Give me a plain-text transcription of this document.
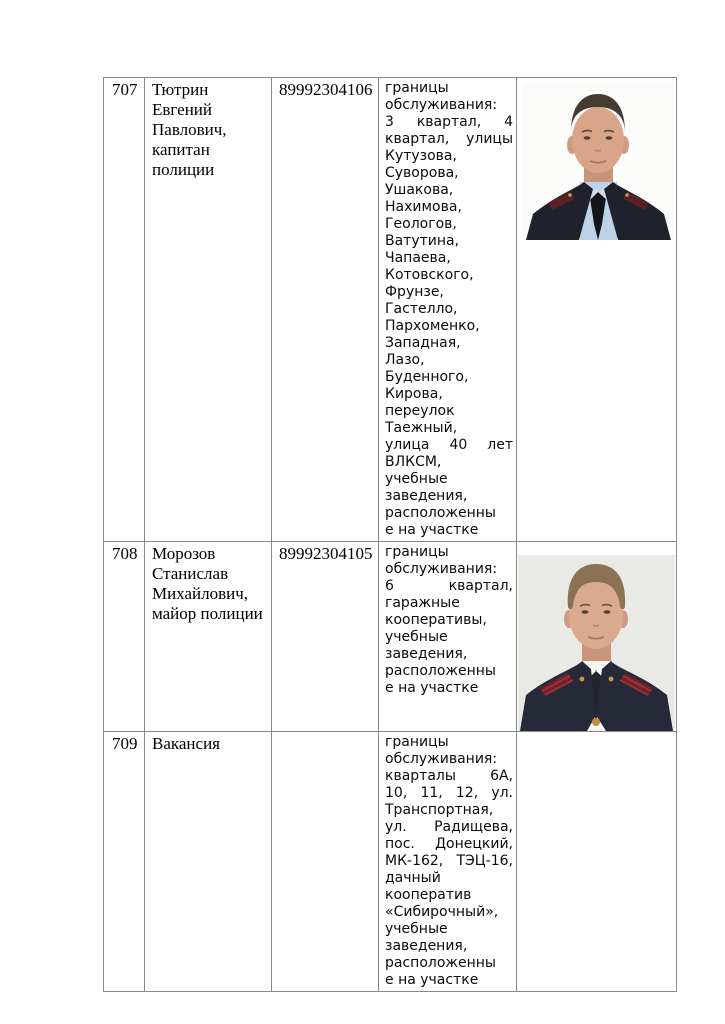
707	Тютрин
Евгений
Павлович,
капитан
полиции
	89992304106	границы
обслуживания:
3 квартал, 4
квартал, улицы
Кутузова,
Суворова,
Ушакова,
Нахимова,
Геологов,
Ватутина,
Чапаева,
Котовского,
Фрунзе,
Гастелло,
Пархоменко,
Западная,
Лазо,
Буденного,
Кирова,
переулок
Таежный,
улица 40 лет
ВЛКСМ,
учебные
заведения,
расположенны
е на участке

708	Морозов
Станислав
Михайлович,
майор полиции
	89992304105	границы
обслуживания:
6 квартал,
гаражные
кооперативы,
учебные
заведения,
расположенны
е на участке

709	Вакансия		границы
обслуживания:
кварталы 6А,
10, 11, 12, ул.
Транспортная,
ул. Радищева,
пос. Донецкий,
МК-162, ТЭЦ-16,
дачный
кооператив
«Сибирочный»,
учебные
заведения,
расположенны
е на участке
